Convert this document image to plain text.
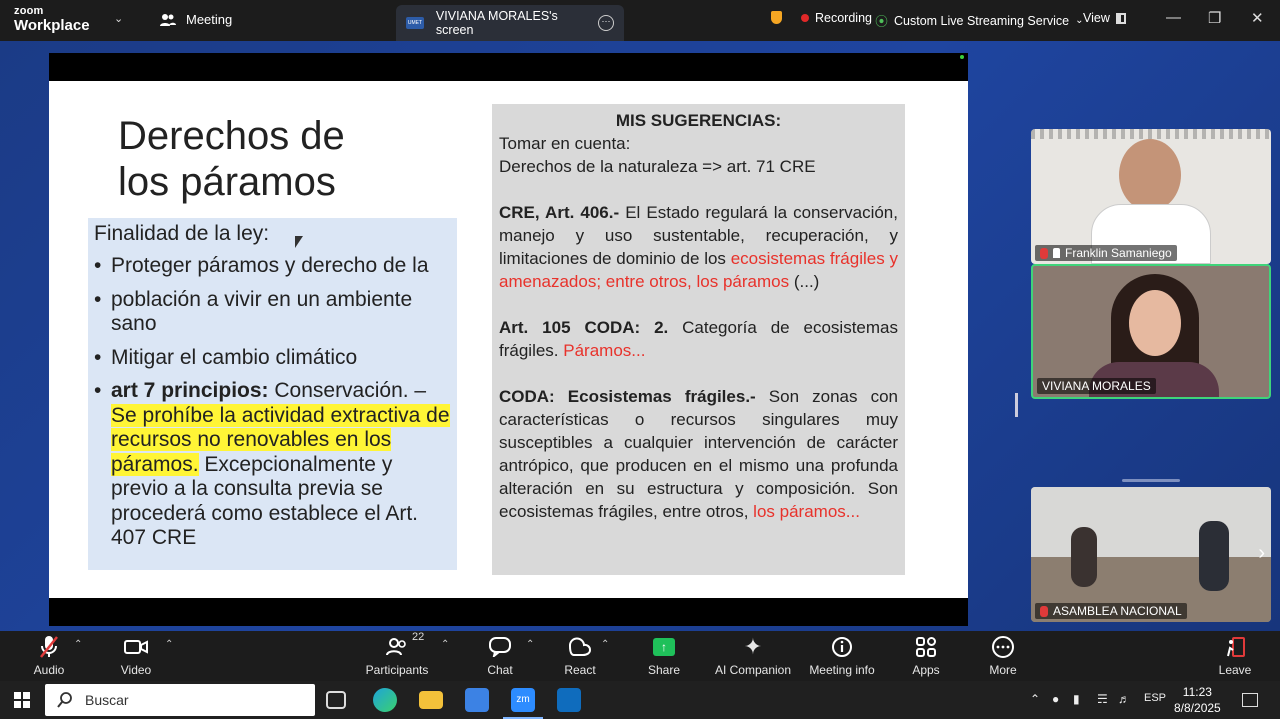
zoom
Workplace ⌄	Meeting	UMET VIVIANA MORALES's screen
···	Recording ⦿ Custom Live Streaming Service ⌄ View	— ❐ ✕
Derechos de
los páramos
Finalidad de la ley:
• Proteger páramos y derecho de la
• población a vivir en un ambiente sano
• Mitigar el cambio climático
• art 7 principios: Conservación. – Se prohíbe la actividad extractiva de recursos no renovables en los páramos. Excepcionalmente y previo a la consulta previa se procederá como establece el Art. 407 CRE
MIS SUGERENCIAS:
Tomar en cuenta:
Derechos de la naturaleza => art. 71 CRE

CRE, Art. 406.- El Estado regulará la conservación, manejo y uso sustentable, recuperación, y limitaciones de dominio de los ecosistemas frágiles y amenazados; entre otros, los páramos (...)

Art. 105 CODA: 2. Categoría de ecosistemas frágiles. Páramos...

CODA: Ecosistemas frágiles.- Son zonas con características o recursos singulares muy susceptibles a cualquier intervención de carácter antrópico, que producen en el mismo una profunda alteración en su estructura y composición. Son ecosistemas frágiles, entre otros, los páramos...

Franklin Samaniego
VIVIANA MORALES
›
ASAMBLEA NACIONAL
Audio
⌃
Video
⌃
Participants
22
⌃
Chat
⌃
React
⌃	↑
Share
✦
AI Companion Meeting info	Apps	More	Leave
Buscar	zm	⌃ ● ▮ ☴ ♬ ESP	11:23
8/8/2025
